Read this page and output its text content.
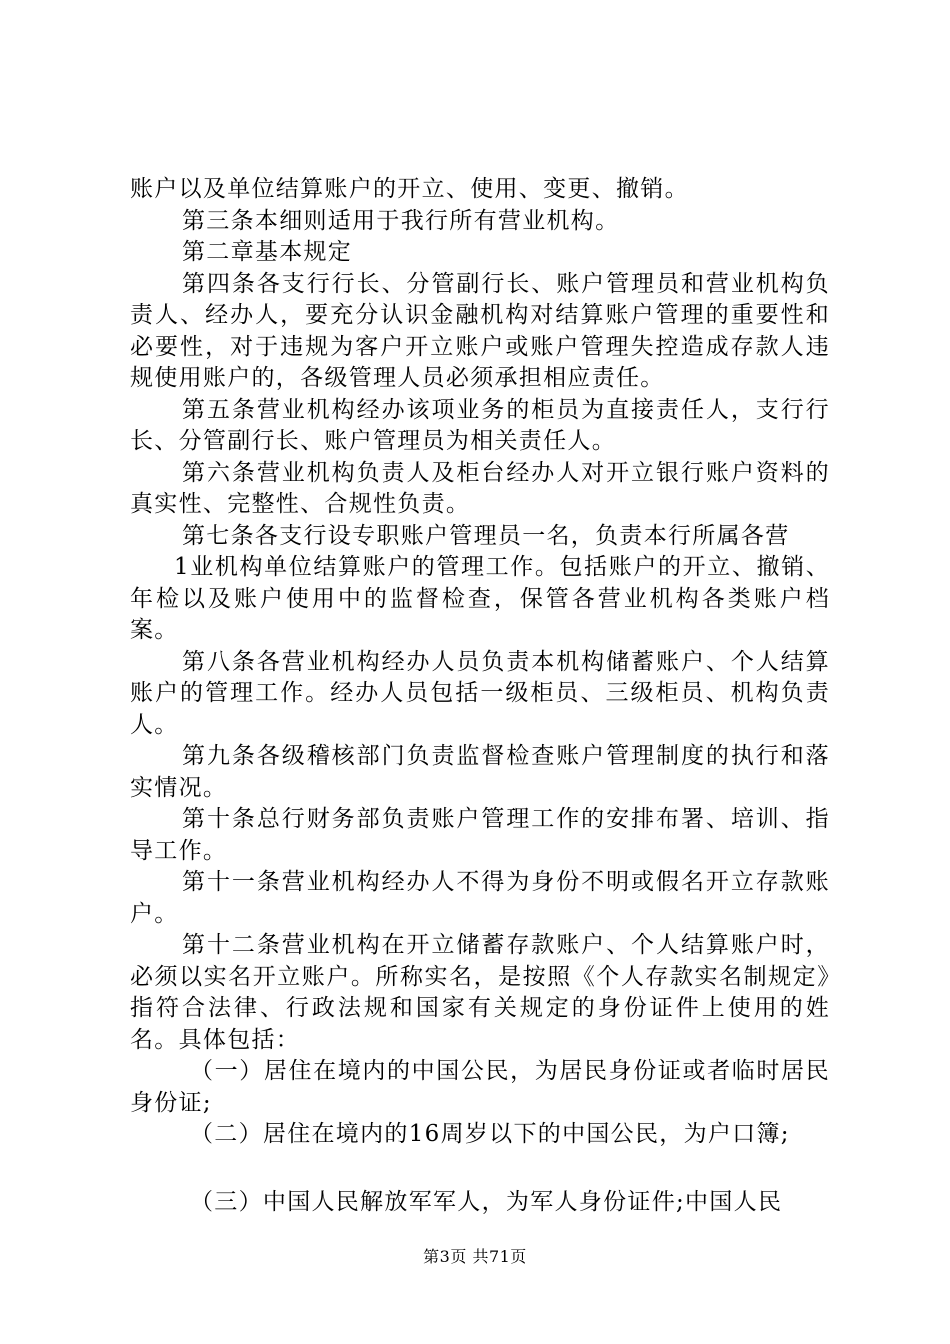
账户以及单位结算账户的开立、使用、变更、撤销。

第三条本细则适用于我行所有营业机构。

第二章基本规定

第四条各支行行长、分管副行长、账户管理员和营业机构负责人、经办人，要充分认识金融机构对结算账户管理的重要性和必要性，对于违规为客户开立账户或账户管理失控造成存款人违规使用账户的，各级管理人员必须承担相应责任。

第五条营业机构经办该项业务的柜员为直接责任人，支行行长、分管副行长、账户管理员为相关责任人。

第六条营业机构负责人及柜台经办人对开立银行账户资料的真实性、完整性、合规性负责。

第七条各支行设专职账户管理员一名，负责本行所属各营

1业机构单位结算账户的管理工作。包括账户的开立、撤销、年检以及账户使用中的监督检查，保管各营业机构各类账户档案。

第八条各营业机构经办人员负责本机构储蓄账户、个人结算账户的管理工作。经办人员包括一级柜员、三级柜员、机构负责人。

第九条各级稽核部门负责监督检查账户管理制度的执行和落实情况。

第十条总行财务部负责账户管理工作的安排布署、培训、指导工作。

第十一条营业机构经办人不得为身份不明或假名开立存款账户。

第十二条营业机构在开立储蓄存款账户、个人结算账户时，必须以实名开立账户。所称实名，是按照《个人存款实名制规定》指符合法律、行政法规和国家有关规定的身份证件上使用的姓名。具体包括：

（一）居住在境内的中国公民，为居民身份证或者临时居民身份证;

（二）居住在境内的16周岁以下的中国公民，为户口簿;

（三）中国人民解放军军人，为军人身份证件;中国人民

第3页 共71页
